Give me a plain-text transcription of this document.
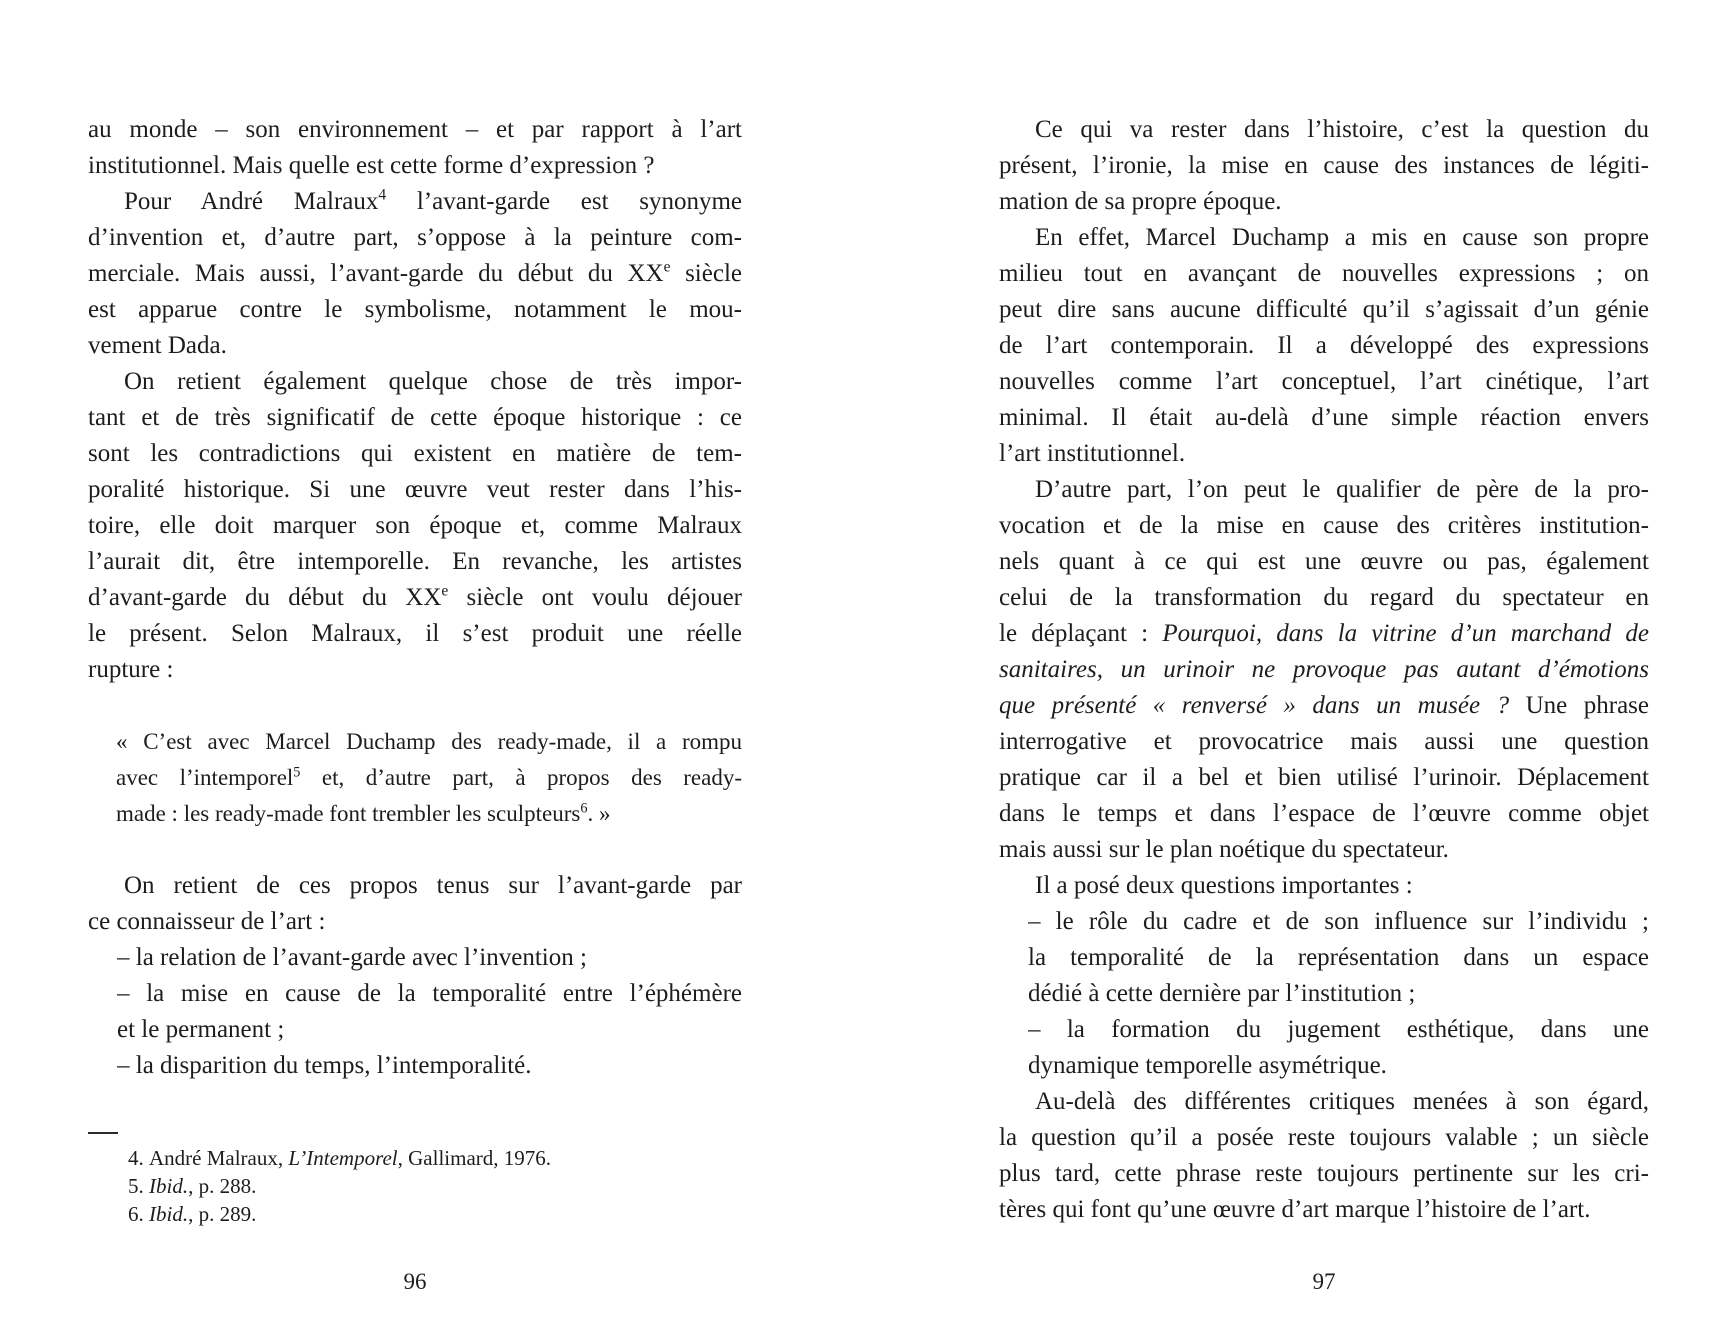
au monde – son environnement – et par rapport à l’art
institutionnel. Mais quelle est cette forme d’expression ?
Pour André Malraux$^4$ l’avant-garde est synonyme
d’invention et, d’autre part, s’oppose à la peinture com-
merciale. Mais aussi, l’avant-garde du début du XXe siècle
est apparue contre le symbolisme, notamment le mou-
vement Dada.
On retient également quelque chose de très impor-
tant et de très significatif de cette époque historique : ce
sont les contradictions qui existent en matière de tem-
poralité historique. Si une œuvre veut rester dans l’his-
toire, elle doit marquer son époque et, comme Malraux
l’aurait dit, être intemporelle. En revanche, les artistes
d’avant-garde du début du XXe siècle ont voulu déjouer
le présent. Selon Malraux, il s’est produit une réelle
rupture :
« C’est avec Marcel Duchamp des ready-made, il a rompu
avec l’intemporel$^5$ et, d’autre part, à propos des ready-
made : les ready-made font trembler les sculpteurs$^6$. »
On retient de ces propos tenus sur l’avant-garde par
ce connaisseur de l’art :
– la relation de l’avant-garde avec l’invention ;
– la mise en cause de la temporalité entre l’éphémère
et le permanent ;
– la disparition du temps, l’intemporalité.
4. André Malraux, L’Intemporel, Gallimard, 1976.
5. Ibid., p. 288.
6. Ibid., p. 289.
Ce qui va rester dans l’histoire, c’est la question du
présent, l’ironie, la mise en cause des instances de légiti-
mation de sa propre époque.
En effet, Marcel Duchamp a mis en cause son propre
milieu tout en avançant de nouvelles expressions ; on
peut dire sans aucune difficulté qu’il s’agissait d’un génie
de l’art contemporain. Il a développé des expressions
nouvelles comme l’art conceptuel, l’art cinétique, l’art
minimal. Il était au-delà d’une simple réaction envers
l’art institutionnel.
D’autre part, l’on peut le qualifier de père de la pro-
vocation et de la mise en cause des critères institution-
nels quant à ce qui est une œuvre ou pas, également
celui de la transformation du regard du spectateur en
le déplaçant : Pourquoi, dans la vitrine d’un marchand de
sanitaires, un urinoir ne provoque pas autant d’émotions
que présenté « renversé » dans un musée ? Une phrase
interrogative et provocatrice mais aussi une question
pratique car il a bel et bien utilisé l’urinoir. Déplacement
dans le temps et dans l’espace de l’œuvre comme objet
mais aussi sur le plan noétique du spectateur.
Il a posé deux questions importantes :
– le rôle du cadre et de son influence sur l’individu ;
la temporalité de la représentation dans un espace
dédié à cette dernière par l’institution ;
– la formation du jugement esthétique, dans une
dynamique temporelle asymétrique.
Au-delà des différentes critiques menées à son égard,
la question qu’il a posée reste toujours valable ; un siècle
plus tard, cette phrase reste toujours pertinente sur les cri-
tères qui font qu’une œuvre d’art marque l’histoire de l’art.
96	97
